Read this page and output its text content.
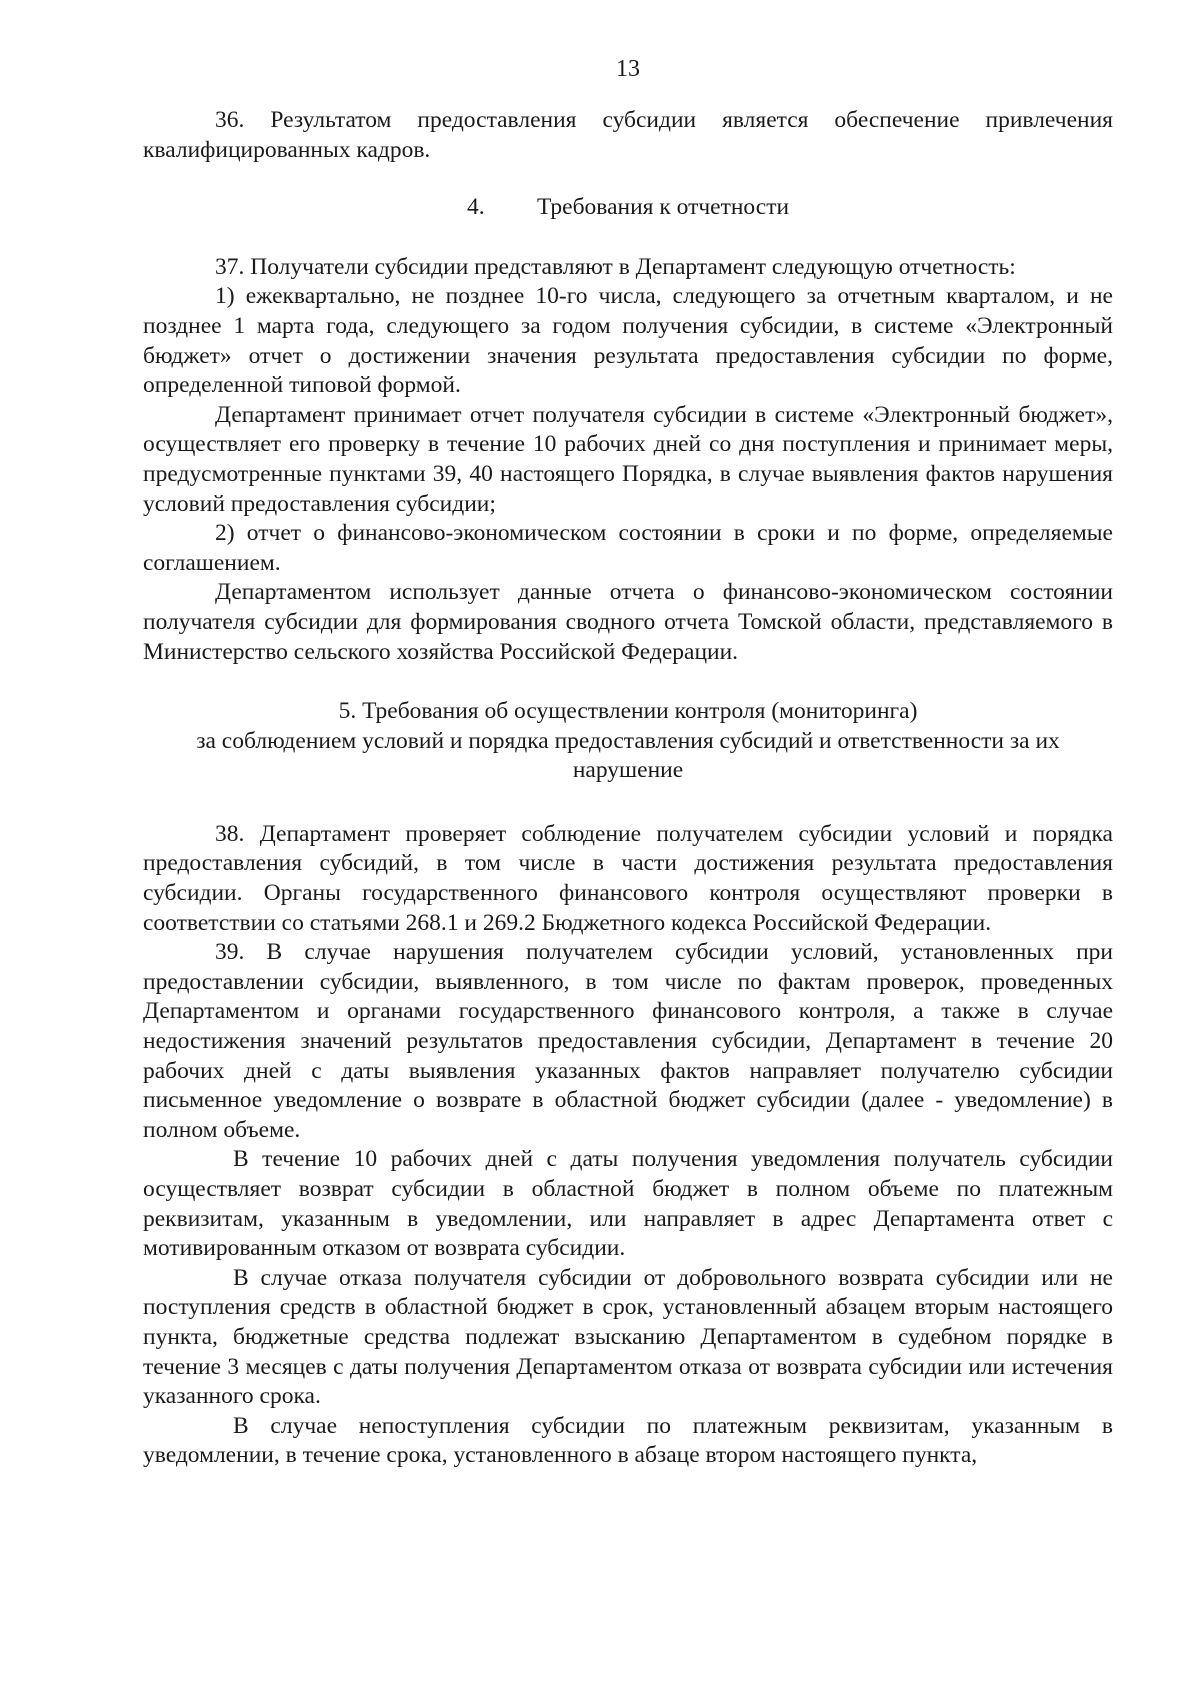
13

36. Результатом предоставления субсидии является обеспечение привлечения квалифицированных кадров.

4. Требования к отчетности

37. Получатели субсидии представляют в Департамент следующую отчетность:

1) ежеквартально, не позднее 10-го числа, следующего за отчетным кварталом, и не позднее 1 марта года, следующего за годом получения субсидии, в системе «Электронный бюджет» отчет о достижении значения результата предоставления субсидии по форме, определенной типовой формой.

Департамент принимает отчет получателя субсидии в системе «Электронный бюджет», осуществляет его проверку в течение 10 рабочих дней со дня поступления и принимает меры, предусмотренные пунктами 39, 40 настоящего Порядка, в случае выявления фактов нарушения условий предоставления субсидии;

2) отчет о финансово-экономическом состоянии в сроки и по форме, определяемые соглашением.

Департаментом использует данные отчета о финансово-экономическом состоянии получателя субсидии для формирования сводного отчета Томской области, представляемого в Министерство сельского хозяйства Российской Федерации.

5. Требования об осуществлении контроля (мониторинга)
за соблюдением условий и порядка предоставления субсидий и ответственности за их
нарушение

38. Департамент проверяет соблюдение получателем субсидии условий и порядка предоставления субсидий, в том числе в части достижения результата предоставления субсидии. Органы государственного финансового контроля осуществляют проверки в соответствии со статьями 268.1 и 269.2 Бюджетного кодекса Российской Федерации.

39. В случае нарушения получателем субсидии условий, установленных при предоставлении субсидии, выявленного, в том числе по фактам проверок, проведенных Департаментом и органами государственного финансового контроля, а также в случае недостижения значений результатов предоставления субсидии, Департамент в течение 20 рабочих дней с даты выявления указанных фактов направляет получателю субсидии письменное уведомление о возврате в областной бюджет субсидии (далее - уведомление) в полном объеме.

В течение 10 рабочих дней с даты получения уведомления получатель субсидии осуществляет возврат субсидии в областной бюджет в полном объеме по платежным реквизитам, указанным в уведомлении, или направляет в адрес Департамента ответ с мотивированным отказом от возврата субсидии.

В случае отказа получателя субсидии от добровольного возврата субсидии или не поступления средств в областной бюджет в срок, установленный абзацем вторым настоящего пункта, бюджетные средства подлежат взысканию Департаментом в судебном порядке в течение 3 месяцев с даты получения Департаментом отказа от возврата субсидии или истечения указанного срока.

В случае непоступления субсидии по платежным реквизитам, указанным в уведомлении, в течение срока, установленного в абзаце втором настоящего пункта,
